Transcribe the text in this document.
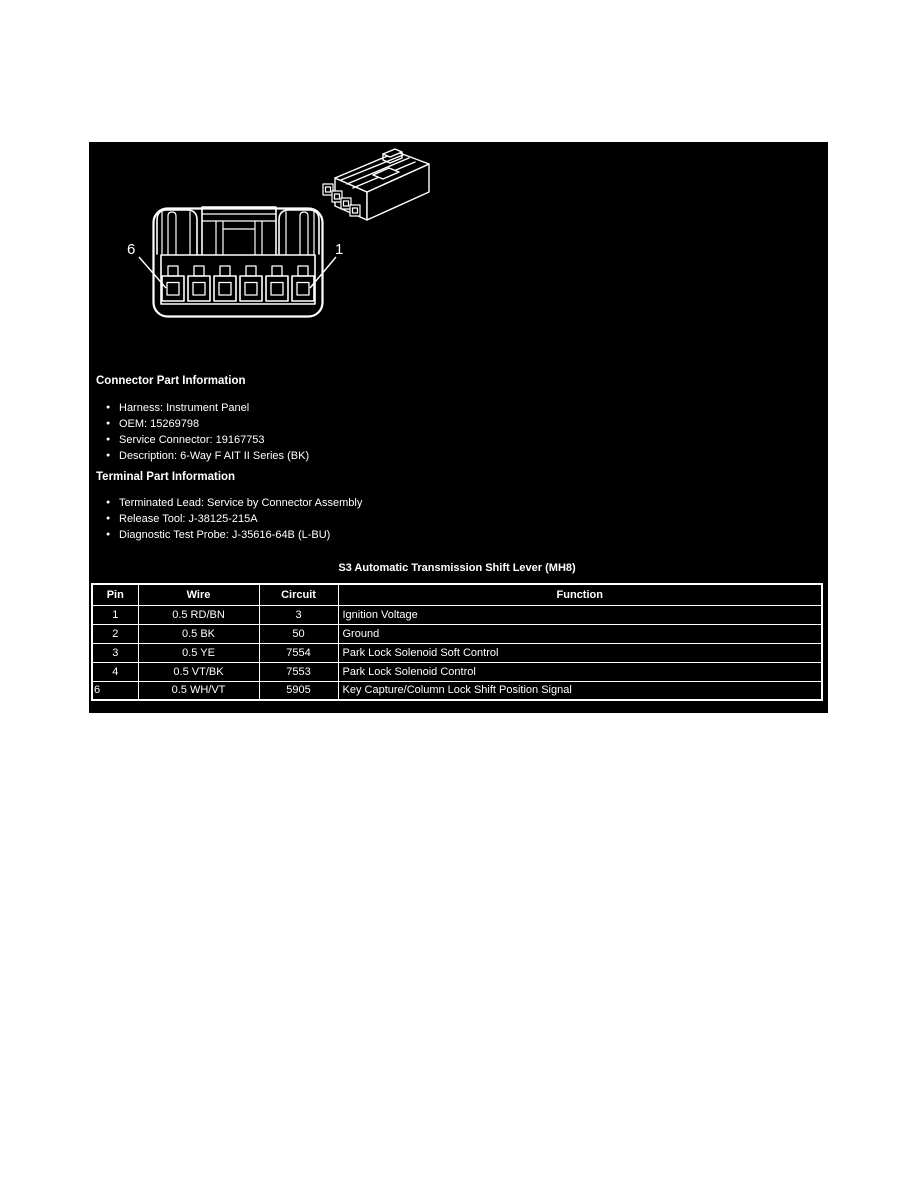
6	1
Connector Part Information
● Harness: Instrument Panel
● OEM: 15269798
● Service Connector: 19167753
● Description: 6-Way F AIT II Series (BK)
Terminal Part Information
● Terminated Lead: Service by Connector Assembly
● Release Tool: J-38125-215A
● Diagnostic Test Probe: J-35616-64B (L-BU)
S3 Automatic Transmission Shift Lever (MH8)
Pin	Wire	Circuit	Function
1	0.5 RD/BN	3	Ignition Voltage
2	0.5 BK	50	Ground
3	0.5 YE	7554	Park Lock Solenoid Soft Control
4	0.5 VT/BK	7553	Park Lock Solenoid Control
6	0.5 WH/VT	5905	Key Capture/Column Lock Shift Position Signal
